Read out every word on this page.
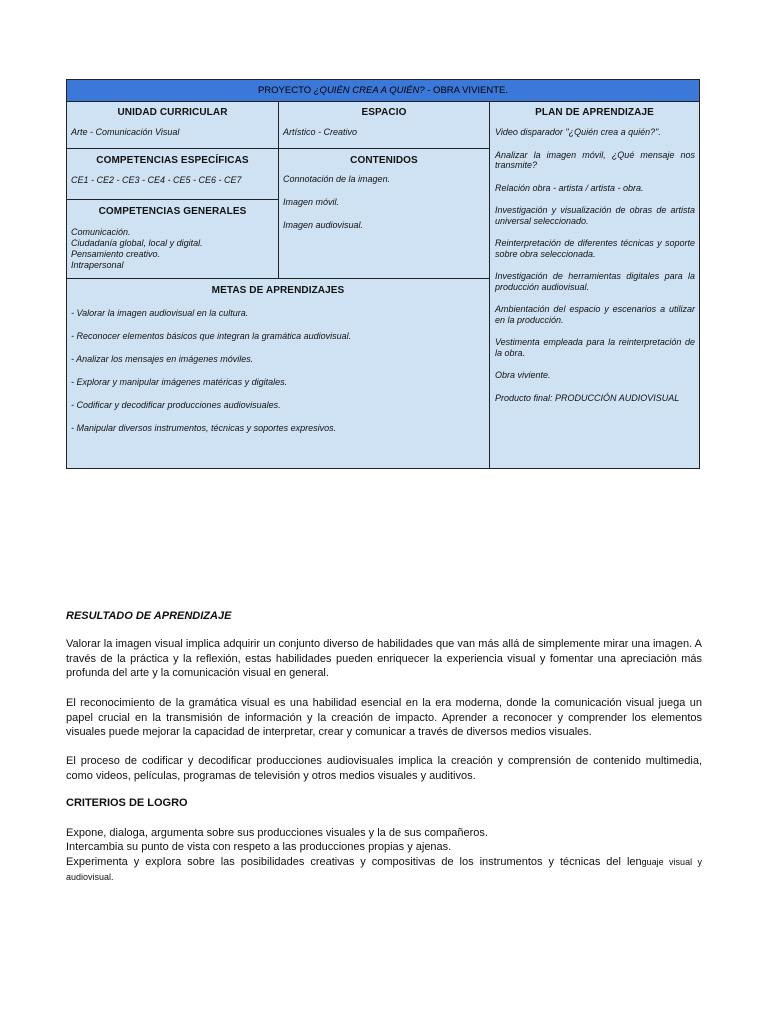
PROYECTO ¿QUIÉN CREA A QUIÉN? - OBRA VIVIENTE.
UNIDAD CURRICULAR
Arte - Comunicación Visual
ESPACIO
Artístico - Creativo
PLAN DE APRENDIZAJE

Video disparador "¿Quién crea a quién?".

Analizar la imagen móvil, ¿Qué mensaje nos transmite?

Relación obra - artista / artista - obra.

Investigación y visualización de obras de artista universal seleccionado.

Reinterpretación de diferentes técnicas y soporte sobre obra seleccionada.

Investigación de herramientas digitales para la producción audiovisual.

Ambientación del espacio y escenarios a utilizar en la producción.

Vestimenta empleada para la reinterpretación de la obra.

Obra viviente.

Producto final: PRODUCCIÓN AUDIOVISUAL

COMPETENCIAS ESPECÍFICAS
CE1 - CE2 - CE3 - CE4 - CE5 - CE6 - CE7
CONTENIDOS
Connotación de la imagen.
Imagen móvil.
Imagen audiovisual.
COMPETENCIAS GENERALES
Comunicación.
Ciudadanía global, local y digital.
Pensamiento creativo.
Intrapersonal
METAS DE APRENDIZAJES

- Valorar la imagen audiovisual en la cultura.

- Reconocer elementos básicos que integran la gramática audiovisual.

- Analizar los mensajes en imágenes móviles.

- Explorar y manipular imágenes matéricas y digitales.

- Codificar y decodificar producciones audiovisuales.

- Manipular diversos instrumentos, técnicas y soportes expresivos.

RESULTADO DE APRENDIZAJE

Valorar la imagen visual implica adquirir un conjunto diverso de habilidades que van más allá de simplemente mirar una imagen. A través de la práctica y la reflexión, estas habilidades pueden enriquecer la experiencia visual y fomentar una apreciación más profunda del arte y la comunicación visual en general.

El reconocimiento de la gramática visual es una habilidad esencial en la era moderna, donde la comunicación visual juega un papel crucial en la transmisión de información y la creación de impacto. Aprender a reconocer y comprender los elementos visuales puede mejorar la capacidad de interpretar, crear y comunicar a través de diversos medios visuales.

El proceso de codificar y decodificar producciones audiovisuales implica la creación y comprensión de contenido multimedia, como videos, películas, programas de televisión y otros medios visuales y auditivos.

CRITERIOS DE LOGRO

Expone, dialoga, argumenta sobre sus producciones visuales y la de sus compañeros.

Intercambia su punto de vista con respeto a las producciones propias y ajenas.

Experimenta y explora sobre las posibilidades creativas y compositivas de los instrumentos y técnicas del lenguaje visual y audiovisual.
